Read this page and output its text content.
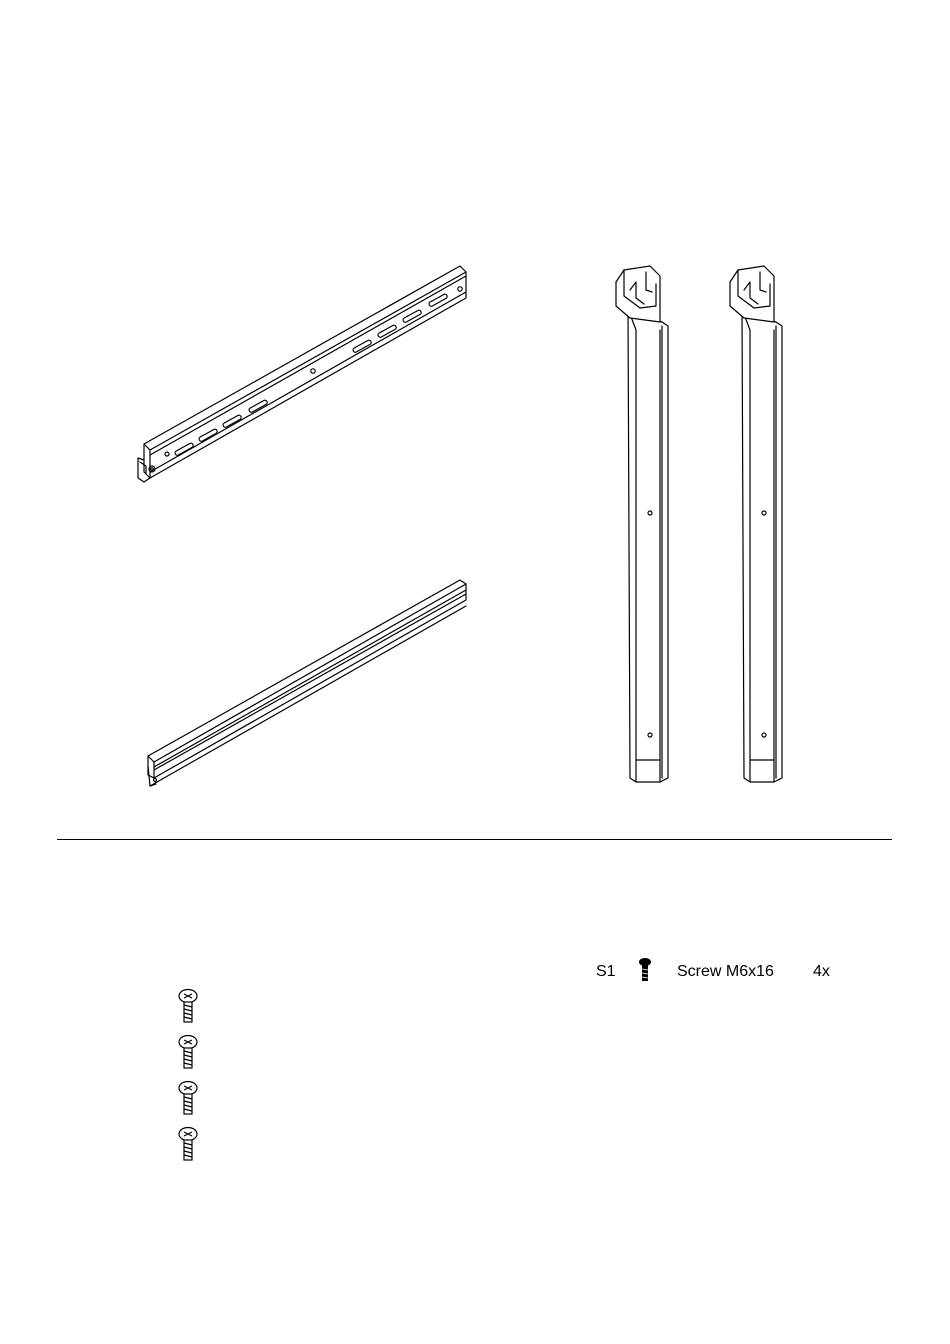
S1	Screw M6x16 4x
